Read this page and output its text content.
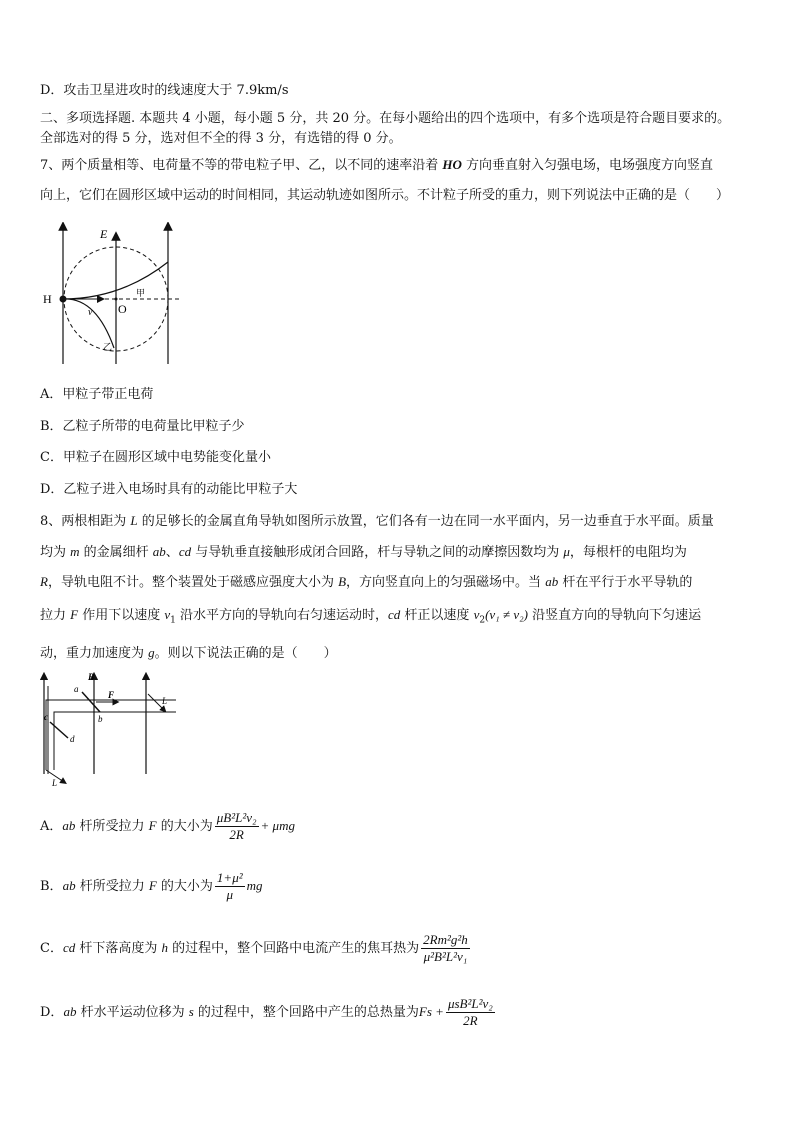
D．攻击卫星进攻时的线速度大于 7.9km/s
二、多项选择题. 本题共 4 小题，每小题 5 分，共 20 分。在每小题给出的四个选项中，有多个选项是符合题目要求的。
全部选对的得 5 分，选对但不全的得 3 分，有选错的得 0 分。
7、两个质量相等、电荷量不等的带电粒子甲、乙，以不同的速率沿着 HO 方向垂直射入匀强电场，电场强度方向竖直
向上，它们在圆形区域中运动的时间相同，其运动轨迹如图所示。不计粒子所受的重力，则下列说法中正确的是（　　）
E
H
O
v
甲
乙
A．甲粒子带正电荷
B．乙粒子所带的电荷量比甲粒子少
C．甲粒子在圆形区域中电势能变化量小
D．乙粒子进入电场时具有的动能比甲粒子大
8、两根相距为 L 的足够长的金属直角导轨如图所示放置，它们各有一边在同一水平面内，另一边垂直于水平面。质量
均为 m 的金属细杆 ab、cd 与导轨垂直接触形成闭合回路，杆与导轨之间的动摩擦因数均为 μ，每根杆的电阻均为
R，导轨电阻不计。整个装置处于磁感应强度大小为 B，方向竖直向上的匀强磁场中。当 ab 杆在平行于水平导轨的
拉力 F 作用下以速度 $v_1$ 沿水平方向的导轨向右匀速运动时，cd 杆正以速度 $v_2(v_1 \ne v_2)$ 沿竖直方向的导轨向下匀速运
动，重力加速度为 g。则以下说法正确的是（　　）
a
b
c
d
B
F
L
L
A．ab 杆所受拉力 F 的大小为 $\frac{\text{μB²L²v₂}}{2R} + \mu mg$
B．ab 杆所受拉力 F 的大小为 $\frac{\text{1+μ²}}{\mu}$ mg
C．cd 杆下落高度为 h 的过程中，整个回路中电流产生的焦耳热为 $\frac{\text{2Rm²g²h}}{\text{μ²B²L²v₁}}$
D．ab 杆水平运动位移为 s 的过程中，整个回路中产生的总热量为$Fs + \frac{\text{μsB²L²v₂}}{2R}$
